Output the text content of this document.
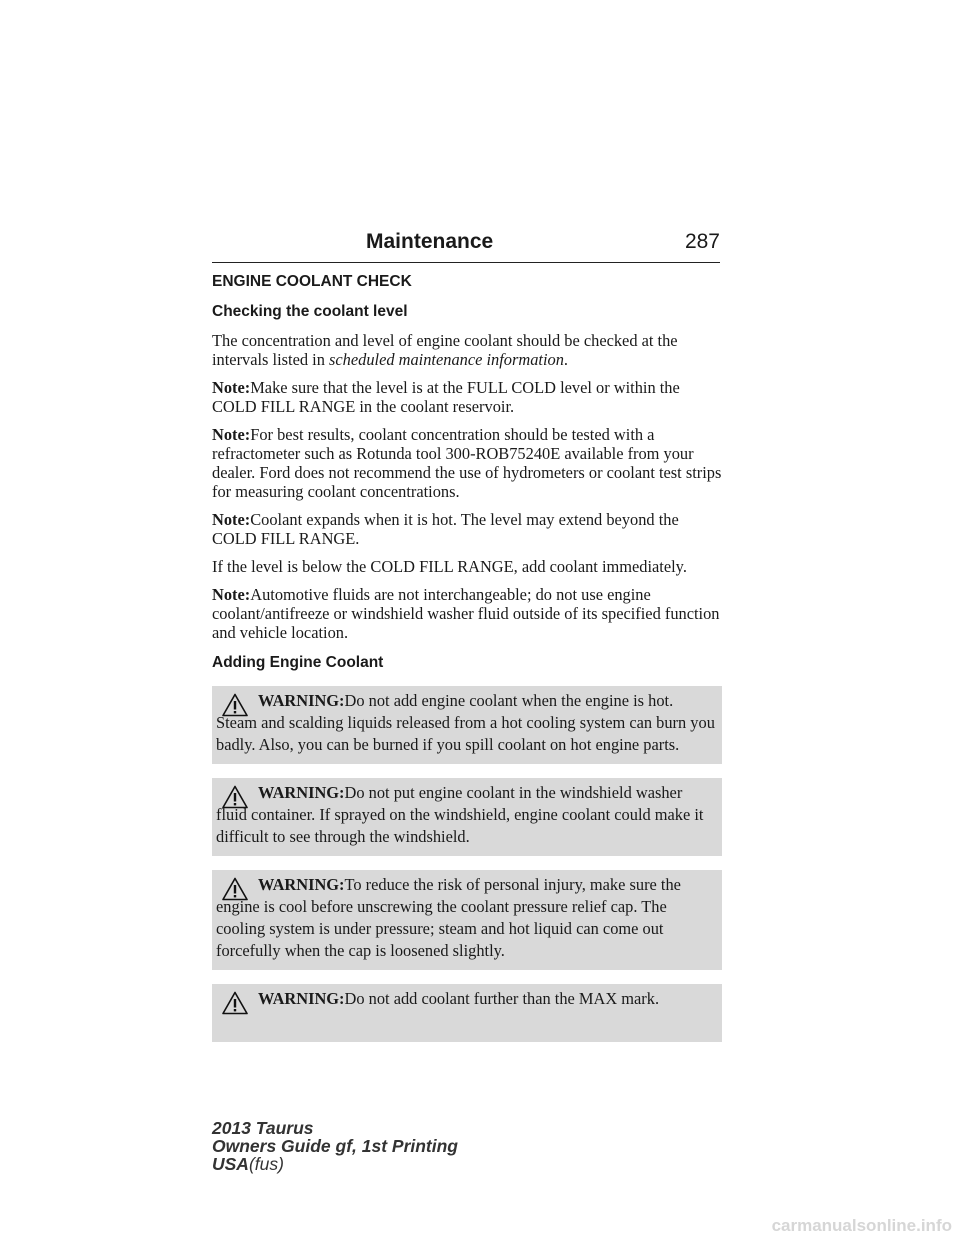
Maintenance	287
ENGINE COOLANT CHECK
Checking the coolant level

The concentration and level of engine coolant should be checked at the intervals listed in scheduled maintenance information.

Note:Make sure that the level is at the FULL COLD level or within the COLD FILL RANGE in the coolant reservoir.

Note:For best results, coolant concentration should be tested with a refractometer such as Rotunda tool 300-ROB75240E available from your dealer. Ford does not recommend the use of hydrometers or coolant test strips for measuring coolant concentrations.

Note:Coolant expands when it is hot. The level may extend beyond the COLD FILL RANGE.

If the level is below the COLD FILL RANGE, add coolant immediately.

Note:Automotive fluids are not interchangeable; do not use engine coolant/antifreeze or windshield washer fluid outside of its specified function and vehicle location.

Adding Engine Coolant

WARNING:Do not add engine coolant when the engine is hot. Steam and scalding liquids released from a hot cooling system can burn you badly. Also, you can be burned if you spill coolant on hot engine parts.

WARNING:Do not put engine coolant in the windshield washer fluid container. If sprayed on the windshield, engine coolant could make it difficult to see through the windshield.

WARNING:To reduce the risk of personal injury, make sure the engine is cool before unscrewing the coolant pressure relief cap. The cooling system is under pressure; steam and hot liquid can come out forcefully when the cap is loosened slightly.

WARNING:Do not add coolant further than the MAX mark.

2013 Taurus
Owners Guide gf, 1st Printing
USA(fus)
carmanualsonline.info
